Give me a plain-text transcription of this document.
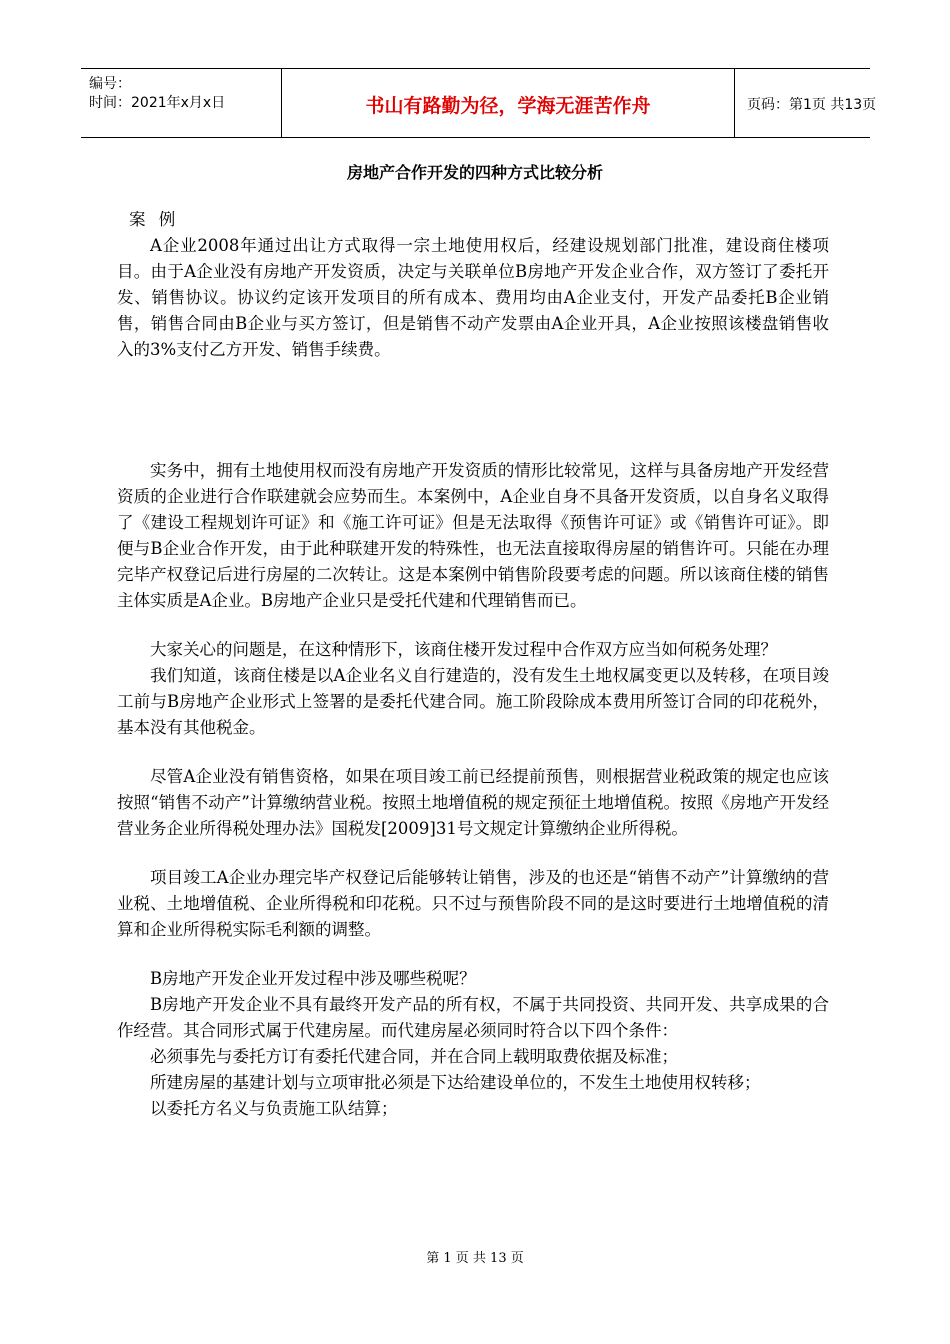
编号：
时间：2021年x月x日	书山有路勤为径，学海无涯苦作舟	页码：第1页 共13页
房地产合作开发的四种方式比较分析

案 例

A企业2008年通过出让方式取得一宗土地使用权后，经建设规划部门批准，建设商住楼项目。由于A企业没有房地产开发资质，决定与关联单位B房地产开发企业合作，双方签订了委托开发、销售协议。协议约定该开发项目的所有成本、费用均由A企业支付，开发产品委托B企业销售，销售合同由B企业与买方签订，但是销售不动产发票由A企业开具，A企业按照该楼盘销售收入的3%支付乙方开发、销售手续费。

实务中，拥有土地使用权而没有房地产开发资质的情形比较常见，这样与具备房地产开发经营资质的企业进行合作联建就会应势而生。本案例中，A企业自身不具备开发资质，以自身名义取得了《建设工程规划许可证》和《施工许可证》但是无法取得《预售许可证》或《销售许可证》。即便与B企业合作开发，由于此种联建开发的特殊性，也无法直接取得房屋的销售许可。只能在办理完毕产权登记后进行房屋的二次转让。这是本案例中销售阶段要考虑的问题。所以该商住楼的销售主体实质是A企业。B房地产企业只是受托代建和代理销售而已。

大家关心的问题是，在这种情形下，该商住楼开发过程中合作双方应当如何税务处理？

我们知道，该商住楼是以A企业名义自行建造的，没有发生土地权属变更以及转移，在项目竣工前与B房地产企业形式上签署的是委托代建合同。施工阶段除成本费用所签订合同的印花税外，基本没有其他税金。

尽管A企业没有销售资格，如果在项目竣工前已经提前预售，则根据营业税政策的规定也应该按照“销售不动产”计算缴纳营业税。按照土地增值税的规定预征土地增值税。按照《房地产开发经营业务企业所得税处理办法》国税发[2009]31号文规定计算缴纳企业所得税。

项目竣工A企业办理完毕产权登记后能够转让销售，涉及的也还是“销售不动产”计算缴纳的营业税、土地增值税、企业所得税和印花税。只不过与预售阶段不同的是这时要进行土地增值税的清算和企业所得税实际毛利额的调整。

B房地产开发企业开发过程中涉及哪些税呢？

B房地产开发企业不具有最终开发产品的所有权，不属于共同投资、共同开发、共享成果的合作经营。其合同形式属于代建房屋。而代建房屋必须同时符合以下四个条件：

必须事先与委托方订有委托代建合同，并在合同上载明取费依据及标准；

所建房屋的基建计划与立项审批必须是下达给建设单位的，不发生土地使用权转移；

以委托方名义与负责施工队结算；

第 1 页 共 13 页
